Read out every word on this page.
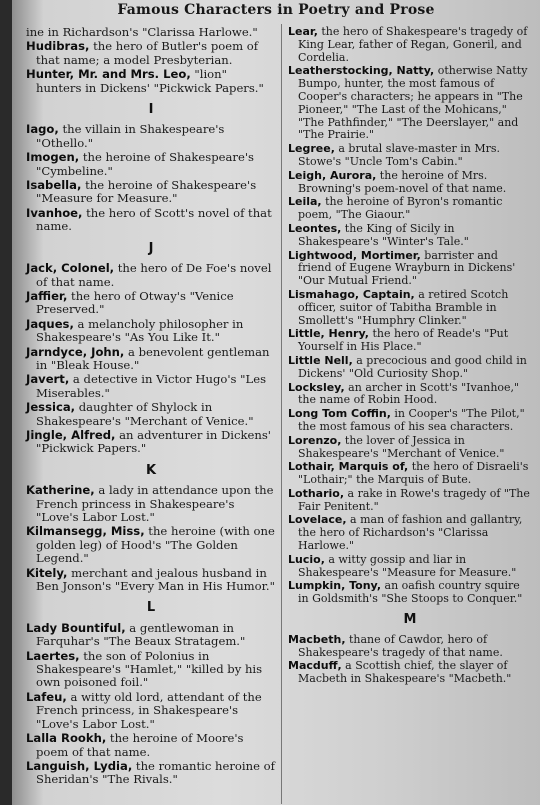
Famous Characters in Poetry and Prose
ine in Richardson's "Clarissa Harlowe."
Hudibras, the hero of Butler's poem of that name; a model Presbyterian.
Hunter, Mr. and Mrs. Leo, "lion" hunters in Dickens' "Pickwick Papers."
I
Iago, the villain in Shakespeare's "Othello."
Imogen, the heroine of Shakespeare's "Cymbeline."
Isabella, the heroine of Shakespeare's "Measure for Measure."
Ivanhoe, the hero of Scott's novel of that name.
J
Jack, Colonel, the hero of De Foe's novel of that name.
Jaffier, the hero of Otway's "Venice Preserved."
Jaques, a melancholy philosopher in Shakespeare's "As You Like It."
Jarndyce, John, a benevolent gentleman in "Bleak House."
Javert, a detective in Victor Hugo's "Les Miserables."
Jessica, daughter of Shylock in Shakespeare's "Merchant of Venice."
Jingle, Alfred, an adventurer in Dickens' "Pickwick Papers."
K
Katherine, a lady in attendance upon the French princess in Shakespeare's "Love's Labor Lost."
Kilmansegg, Miss, the heroine (with one golden leg) of Hood's "The Golden Legend."
Kitely, merchant and jealous husband in Ben Jonson's "Every Man in His Humor."
L
Lady Bountiful, a gentlewoman in Farquhar's "The Beaux Stratagem."
Laertes, the son of Polonius in Shakespeare's "Hamlet," "killed by his own poisoned foil."
Lafeu, a witty old lord, attendant of the French princess, in Shakespeare's "Love's Labor Lost."
Lalla Rookh, the heroine of Moore's poem of that name.
Languish, Lydia, the romantic heroine of Sheridan's "The Rivals."
Lear, the hero of Shakespeare's tragedy of King Lear, father of Regan, Goneril, and Cordelia.
Leatherstocking, Natty, otherwise Natty Bumpo, hunter, the most famous of Cooper's characters; he appears in "The Pioneer," "The Last of the Mohicans," "The Pathfinder," "The Deerslayer," and "The Prairie."
Legree, a brutal slave-master in Mrs. Stowe's "Uncle Tom's Cabin."
Leigh, Aurora, the heroine of Mrs. Browning's poem-novel of that name.
Leila, the heroine of Byron's romantic poem, "The Giaour."
Leontes, the King of Sicily in Shakespeare's "Winter's Tale."
Lightwood, Mortimer, barrister and friend of Eugene Wrayburn in Dickens' "Our Mutual Friend."
Lismahago, Captain, a retired Scotch officer, suitor of Tabitha Bramble in Smollett's "Humphry Clinker."
Little, Henry, the hero of Reade's "Put Yourself in His Place."
Little Nell, a precocious and good child in Dickens' "Old Curiosity Shop."
Locksley, an archer in Scott's "Ivanhoe," the name of Robin Hood.
Long Tom Coffin, in Cooper's "The Pilot," the most famous of his sea characters.
Lorenzo, the lover of Jessica in Shakespeare's "Merchant of Venice."
Lothair, Marquis of, the hero of Disraeli's "Lothair;" the Marquis of Bute.
Lothario, a rake in Rowe's tragedy of "The Fair Penitent."
Lovelace, a man of fashion and gallantry, the hero of Richardson's "Clarissa Harlowe."
Lucio, a witty gossip and liar in Shakespeare's "Measure for Measure."
Lumpkin, Tony, an oafish country squire in Goldsmith's "She Stoops to Conquer."
M
Macbeth, thane of Cawdor, hero of Shakespeare's tragedy of that name.
Macduff, a Scottish chief, the slayer of Macbeth in Shakespeare's "Macbeth."
